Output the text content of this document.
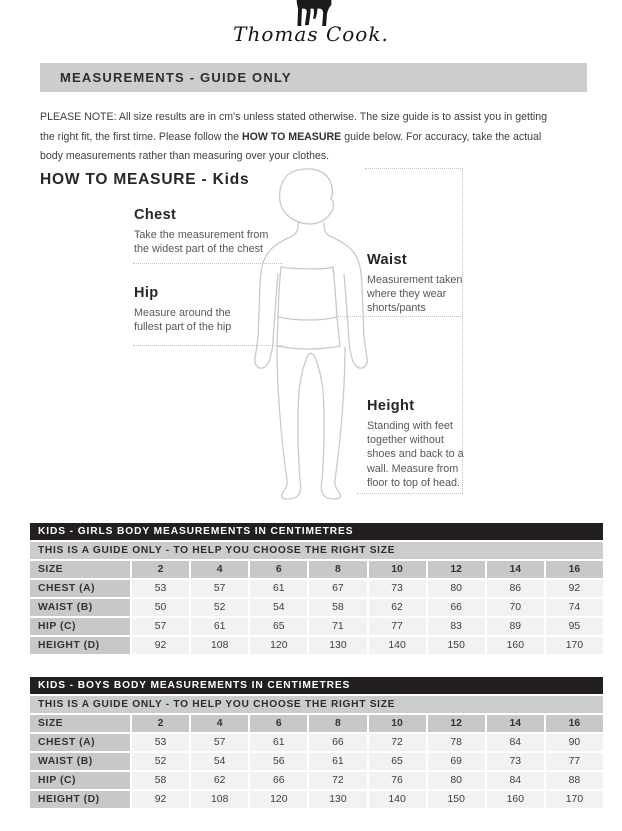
Thomas Cook.
MEASUREMENTS - GUIDE ONLY
PLEASE NOTE: All size results are in cm's unless stated otherwise. The size guide is to assist you in getting
the right fit, the first time. Please follow the HOW TO MEASURE guide below. For accuracy, take the actual
body measurements rather than measuring over your clothes.
HOW TO MEASURE - Kids
Chest
Take the measurement from
the widest part of the chest
Hip
Measure around the
fullest part of the hip
Waist
Measurement taken
where they wear
shorts/pants
Height
Standing with feet
together without
shoes and back to a
wall. Measure from
floor to top of head.
KIDS - GIRLS BODY MEASUREMENTS IN CENTIMETRES								
THIS IS A GUIDE ONLY - TO HELP YOU CHOOSE THE RIGHT SIZE								
SIZE	2	4	6	8	10	12	14	16
CHEST (A)	53	57	61	67	73	80	86	92
WAIST (B)	50	52	54	58	62	66	70	74
HIP (C)	57	61	65	71	77	83	89	95
HEIGHT (D)	92	108	120	130	140	150	160	170
KIDS - BOYS BODY MEASUREMENTS IN CENTIMETRES								
THIS IS A GUIDE ONLY - TO HELP YOU CHOOSE THE RIGHT SIZE								
SIZE	2	4	6	8	10	12	14	16
CHEST (A)	53	57	61	66	72	78	84	90
WAIST (B)	52	54	56	61	65	69	73	77
HIP (C)	58	62	66	72	76	80	84	88
HEIGHT (D)	92	108	120	130	140	150	160	170
